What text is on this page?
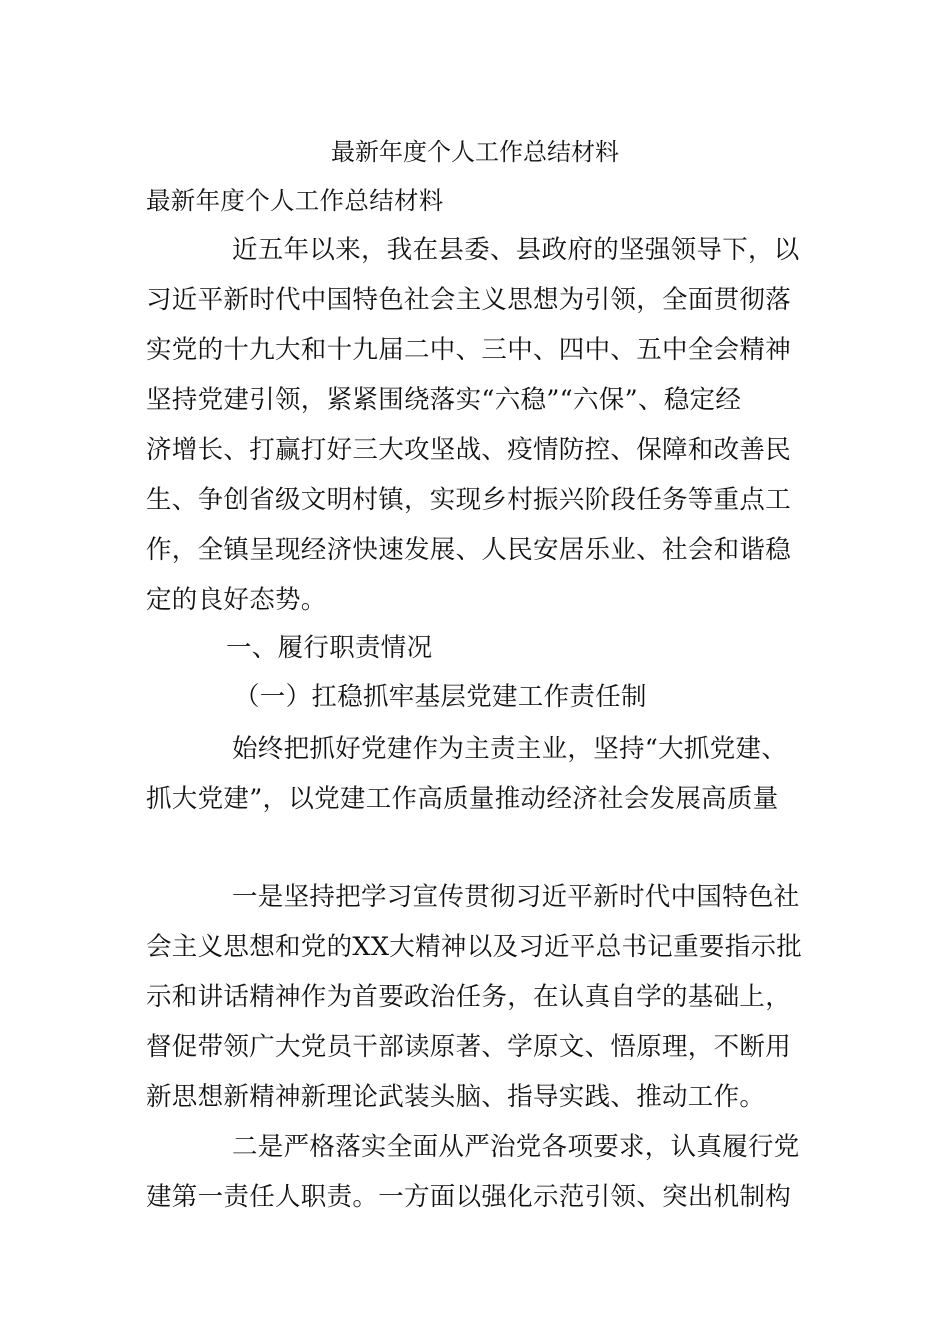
最新年度个人工作总结材料
最新年度个人工作总结材料
近五年以来，我在县委、县政府的坚强领导下，以
习近平新时代中国特色社会主义思想为引领，全面贯彻落
实党的十九大和十九届二中、三中、四中、五中全会精神
坚持党建引领，紧紧围绕落实“六稳”“六保”、稳定经
济增长、打赢打好三大攻坚战、疫情防控、保障和改善民
生、争创省级文明村镇，实现乡村振兴阶段任务等重点工
作，全镇呈现经济快速发展、人民安居乐业、社会和谐稳
定的良好态势。
一、履行职责情况
（一）扛稳抓牢基层党建工作责任制
始终把抓好党建作为主责主业，坚持“大抓党建、
抓大党建”，以党建工作高质量推动经济社会发展高质量
一是坚持把学习宣传贯彻习近平新时代中国特色社
会主义思想和党的XX大精神以及习近平总书记重要指示批
示和讲话精神作为首要政治任务，在认真自学的基础上，
督促带领广大党员干部读原著、学原文、悟原理，不断用
新思想新精神新理论武装头脑、指导实践、推动工作。
二是严格落实全面从严治党各项要求，认真履行党
建第一责任人职责。一方面以强化示范引领、突出机制构
